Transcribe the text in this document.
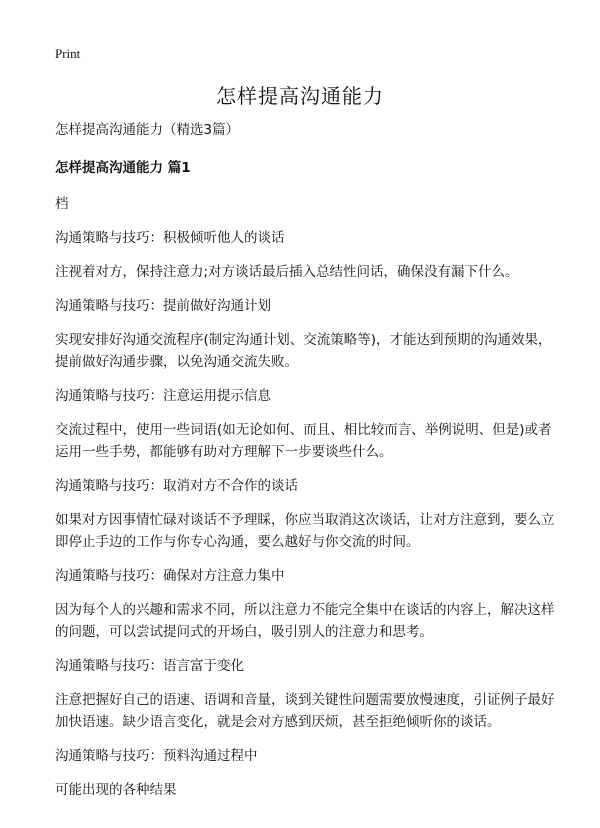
Print
怎样提高沟通能力

怎样提高沟通能力（精选3篇）

怎样提高沟通能力 篇1

档

沟通策略与技巧：积极倾听他人的谈话

注视着对方，保持注意力;对方谈话最后插入总结性问话，确保没有漏下什么。

沟通策略与技巧：提前做好沟通计划

实现安排好沟通交流程序(制定沟通计划、交流策略等)，才能达到预期的沟通效果，提前做好沟通步骤，以免沟通交流失败。

沟通策略与技巧：注意运用提示信息

交流过程中，使用一些词语(如无论如何、而且、相比较而言、举例说明、但是)或者运用一些手势，都能够有助对方理解下一步要谈些什么。

沟通策略与技巧：取消对方不合作的谈话

如果对方因事情忙碌对谈话不予理睬，你应当取消这次谈话，让对方注意到，要么立即停止手边的工作与你专心沟通，要么越好与你交流的时间。

沟通策略与技巧：确保对方注意力集中

因为每个人的兴趣和需求不同，所以注意力不能完全集中在谈话的内容上，解决这样的问题，可以尝试提问式的开场白，吸引别人的注意力和思考。

沟通策略与技巧：语言富于变化

注意把握好自己的语速、语调和音量，谈到关键性问题需要放慢速度，引证例子最好加快语速。缺少语言变化，就是会对方感到厌烦，甚至拒绝倾听你的谈话。

沟通策略与技巧：预料沟通过程中

可能出现的各种结果
